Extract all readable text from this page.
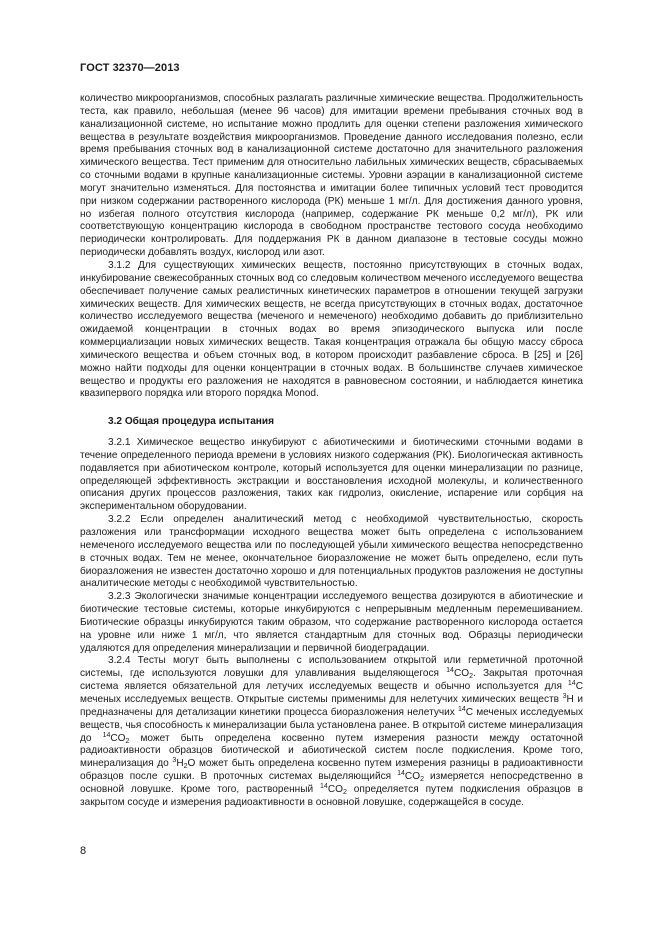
ГОСТ 32370—2013

количество микроорганизмов, способных разлагать различные химические вещества. Продолжительность теста, как правило, небольшая (менее 96 часов) для имитации времени пребывания сточных вод в канализационной системе, но испытание можно продлить для оценки степени разложения химического вещества в результате воздействия микроорганизмов. Проведение данного исследования полезно, если время пребывания сточных вод в канализационной системе достаточно для значительного разложения химического вещества. Тест применим для относительно лабильных химических веществ, сбрасываемых со сточными водами в крупные канализационные системы. Уровни аэрации в канализационной системе могут значительно изменяться. Для постоянства и имитации более типичных условий тест проводится при низком содержании растворенного кислорода (РК) меньше 1 мг/л. Для достижения данного уровня, но избегая полного отсутствия кислорода (например, содержание РК меньше 0,2 мг/л), РК или соответствующую концентрацию кислорода в свободном пространстве тестового сосуда необходимо периодически контролировать. Для поддержания РК в данном диапазоне в тестовые сосуды можно периодически добавлять воздух, кислород или азот.

3.1.2 Для существующих химических веществ, постоянно присутствующих в сточных водах, инкубирование свежесобранных сточных вод со следовым количеством меченого исследуемого вещества обеспечивает получение самых реалистичных кинетических параметров в отношении текущей загрузки химических веществ. Для химических веществ, не всегда присутствующих в сточных водах, достаточное количество исследуемого вещества (меченого и немеченого) необходимо добавить до приблизительно ожидаемой концентрации в сточных водах во время эпизодического выпуска или после коммерциализации новых химических веществ. Такая концентрация отражала бы общую массу сброса химического вещества и объем сточных вод, в котором происходит разбавление сброса. В [25] и [26] можно найти подходы для оценки концентрации в сточных водах. В большинстве случаев химическое вещество и продукты его разложения не находятся в равновесном состоянии, и наблюдается кинетика квазипервого порядка или второго порядка Monod.

3.2 Общая процедура испытания

3.2.1 Химическое вещество инкубируют с абиотическими и биотическими сточными водами в течение определенного периода времени в условиях низкого содержания (РК). Биологическая активность подавляется при абиотическом контроле, который используется для оценки минерализации по разнице, определяющей эффективность экстракции и восстановления исходной молекулы, и количественного описания других процессов разложения, таких как гидролиз, окисление, испарение или сорбция на экспериментальном оборудовании.

3.2.2 Если определен аналитический метод с необходимой чувствительностью, скорость разложения или трансформации исходного вещества может быть определена с использованием немеченого исследуемого вещества или по последующей убыли химического вещества непосредственно в сточных водах. Тем не менее, окончательное биоразложение не может быть определено, если путь биоразложения не известен достаточно хорошо и для потенциальных продуктов разложения не доступны аналитические методы с необходимой чувствительностью.

3.2.3 Экологически значимые концентрации исследуемого вещества дозируются в абиотические и биотические тестовые системы, которые инкубируются с непрерывным медленным перемешиванием. Биотические образцы инкубируются таким образом, что содержание растворенного кислорода остается на уровне или ниже 1 мг/л, что является стандартным для сточных вод. Образцы периодически удаляются для определения минерализации и первичной биодеградации.

3.2.4 Тесты могут быть выполнены с использованием открытой или герметичной проточной системы, где используются ловушки для улавливания выделяющегося $^{14}CO_2$. Закрытая проточная система является обязательной для летучих исследуемых веществ и обычно используется для $^{14}$C меченых исследуемых веществ. Открытые системы применимы для нелетучих химических веществ $^3$Н и предназначены для детализации кинетики процесса биоразложения нелетучих $^{14}$С меченых исследуемых веществ, чья способность к минерализации была установлена ранее. В открытой системе минерализация до $^{14}CO_2$ может быть определена косвенно путем измерения разности между остаточной радиоактивности образцов биотической и абиотической систем после подкисления. Кроме того, минерализация до $^3Н_2О$ может быть определена косвенно путем измерения разницы в радиоактивности образцов после сушки. В проточных системах выделяющийся $^{14}CO_2$ измеряется непосредственно в основной ловушке. Кроме того, растворенный $^{14}CO_2$ определяется путем подкисления образцов в закрытом сосуде и измерения радиоактивности в основной ловушке, содержащейся в сосуде.

8
